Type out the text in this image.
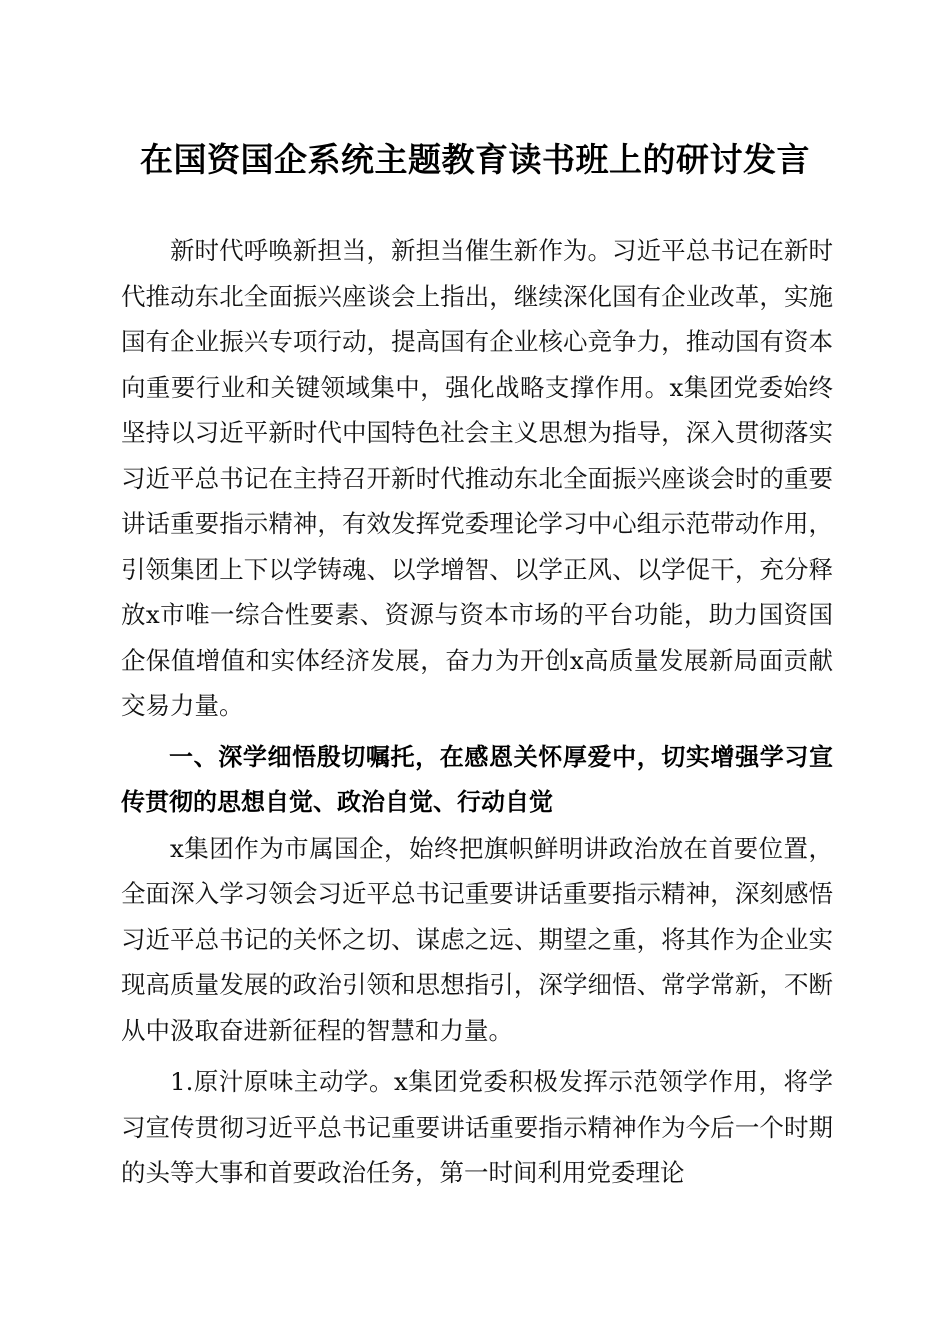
在国资国企系统主题教育读书班上的研讨发言

新时代呼唤新担当，新担当催生新作为。习近平总书记在新时代推动东北全面振兴座谈会上指出，继续深化国有企业改革，实施国有企业振兴专项行动，提高国有企业核心竞争力，推动国有资本向重要行业和关键领域集中，强化战略支撑作用。x集团党委始终坚持以习近平新时代中国特色社会主义思想为指导，深入贯彻落实习近平总书记在主持召开新时代推动东北全面振兴座谈会时的重要讲话重要指示精神，有效发挥党委理论学习中心组示范带动作用，引领集团上下以学铸魂、以学增智、以学正风、以学促干，充分释放x市唯一综合性要素、资源与资本市场的平台功能，助力国资国企保值增值和实体经济发展，奋力为开创x高质量发展新局面贡献交易力量。

一、深学细悟殷切嘱托，在感恩关怀厚爱中，切实增强学习宣传贯彻的思想自觉、政治自觉、行动自觉

x集团作为市属国企，始终把旗帜鲜明讲政治放在首要位置，全面深入学习领会习近平总书记重要讲话重要指示精神，深刻感悟习近平总书记的关怀之切、谋虑之远、期望之重，将其作为企业实现高质量发展的政治引领和思想指引，深学细悟、常学常新，不断从中汲取奋进新征程的智慧和力量。

1.原汁原味主动学。x集团党委积极发挥示范领学作用，将学习宣传贯彻习近平总书记重要讲话重要指示精神作为今后一个时期的头等大事和首要政治任务，第一时间利用党委理论
